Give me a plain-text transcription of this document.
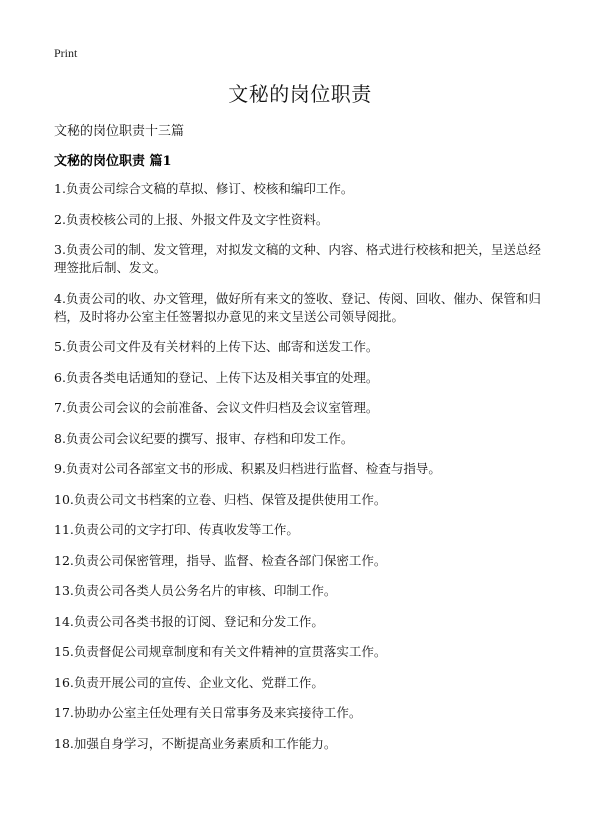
Print
文秘的岗位职责

文秘的岗位职责十三篇

文秘的岗位职责 篇1
1.负责公司综合文稿的草拟、修订、校核和编印工作。
2.负责校核公司的上报、外报文件及文字性资料。
3.负责公司的制、发文管理，对拟发文稿的文种、内容、格式进行校核和把关，呈送总经理签批后制、发文。
4.负责公司的收、办文管理，做好所有来文的签收、登记、传阅、回收、催办、保管和归档，及时将办公室主任签署拟办意见的来文呈送公司领导阅批。
5.负责公司文件及有关材料的上传下达、邮寄和送发工作。
6.负责各类电话通知的登记、上传下达及相关事宜的处理。
7.负责公司会议的会前准备、会议文件归档及会议室管理。
8.负责公司会议纪要的撰写、报审、存档和印发工作。
9.负责对公司各部室文书的形成、积累及归档进行监督、检查与指导。
10.负责公司文书档案的立卷、归档、保管及提供使用工作。
11.负责公司的文字打印、传真收发等工作。
12.负责公司保密管理，指导、监督、检查各部门保密工作。
13.负责公司各类人员公务名片的审核、印制工作。
14.负责公司各类书报的订阅、登记和分发工作。
15.负责督促公司规章制度和有关文件精神的宣贯落实工作。
16.负责开展公司的宣传、企业文化、党群工作。
17.协助办公室主任处理有关日常事务及来宾接待工作。
18.加强自身学习，不断提高业务素质和工作能力。
